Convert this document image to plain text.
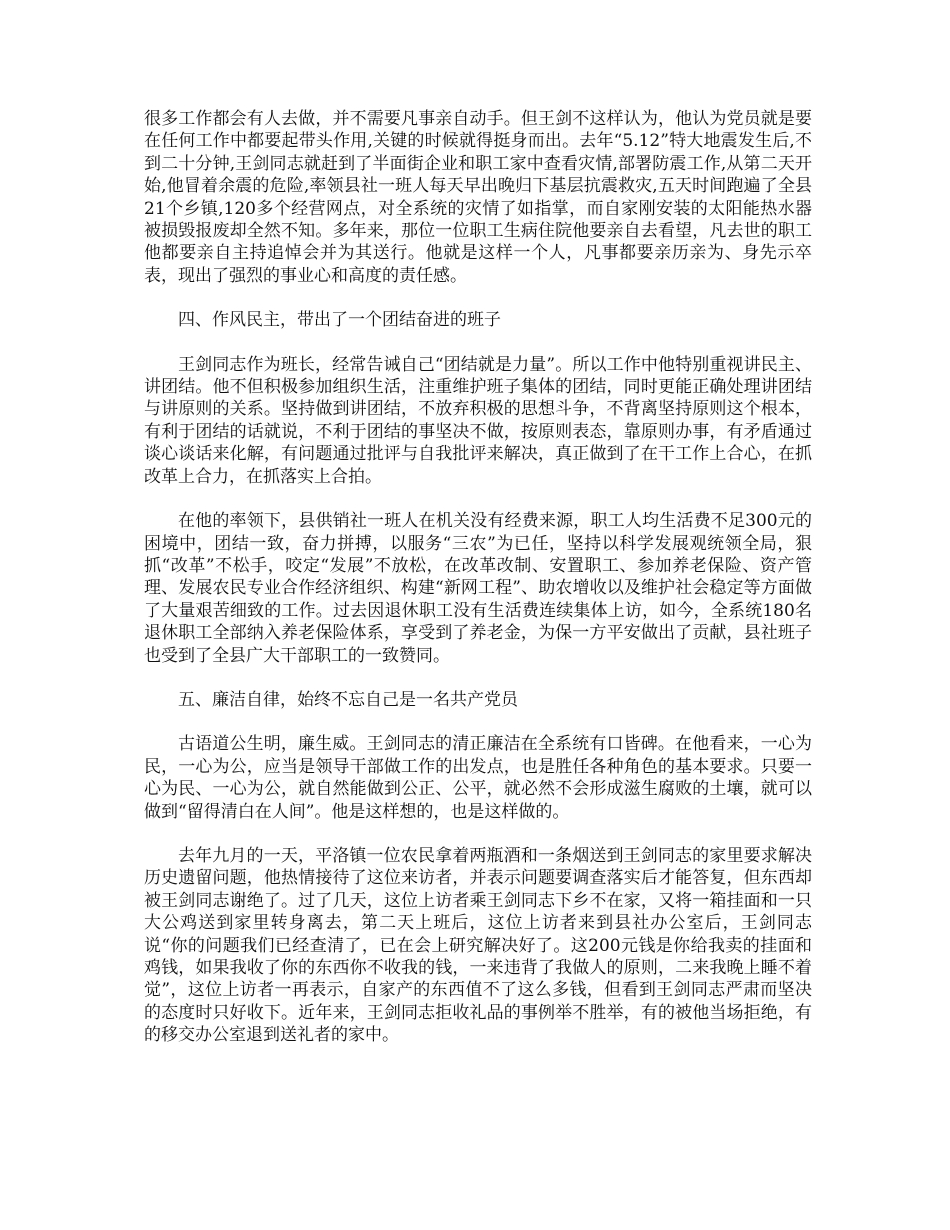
很多工作都会有人去做，并不需要凡事亲自动手。但王剑不这样认为，他认为党员就是要在任何工作中都要起带头作用,关键的时候就得挺身而出。去年“5.12”特大地震发生后,不到二十分钟,王剑同志就赶到了半面街企业和职工家中查看灾情,部署防震工作,从第二天开始,他冒着余震的危险,率领县社一班人每天早出晚归下基层抗震救灾,五天时间跑遍了全县21个乡镇,120多个经营网点，对全系统的灾情了如指掌，而自家刚安装的太阳能热水器被损毁报废却全然不知。多年来，那位一位职工生病住院他要亲自去看望，凡去世的职工他都要亲自主持追悼会并为其送行。他就是这样一个人，凡事都要亲历亲为、身先示卒表，现出了强烈的事业心和高度的责任感。

四、作风民主，带出了一个团结奋进的班子

王剑同志作为班长，经常告诫自己“团结就是力量”。所以工作中他特别重视讲民主、讲团结。他不但积极参加组织生活，注重维护班子集体的团结，同时更能正确处理讲团结与讲原则的关系。坚持做到讲团结，不放弃积极的思想斗争，不背离坚持原则这个根本，有利于团结的话就说，不利于团结的事坚决不做，按原则表态，靠原则办事，有矛盾通过谈心谈话来化解，有问题通过批评与自我批评来解决，真正做到了在干工作上合心，在抓改革上合力，在抓落实上合拍。

在他的率领下，县供销社一班人在机关没有经费来源，职工人均生活费不足300元的困境中，团结一致，奋力拼搏，以服务“三农”为已任，坚持以科学发展观统领全局，狠抓“改革”不松手，咬定“发展”不放松，在改革改制、安置职工、参加养老保险、资产管理、发展农民专业合作经济组织、构建“新网工程”、助农增收以及维护社会稳定等方面做了大量艰苦细致的工作。过去因退休职工没有生活费连续集体上访，如今，全系统180名退休职工全部纳入养老保险体系，享受到了养老金，为保一方平安做出了贡献，县社班子也受到了全县广大干部职工的一致赞同。

五、廉洁自律，始终不忘自己是一名共产党员

古语道公生明，廉生威。王剑同志的清正廉洁在全系统有口皆碑。在他看来，一心为民，一心为公，应当是领导干部做工作的出发点，也是胜任各种角色的基本要求。只要一心为民、一心为公，就自然能做到公正、公平，就必然不会形成滋生腐败的土壤，就可以做到“留得清白在人间”。他是这样想的，也是这样做的。

去年九月的一天，平洛镇一位农民拿着两瓶酒和一条烟送到王剑同志的家里要求解决历史遗留问题，他热情接待了这位来访者，并表示问题要调查落实后才能答复，但东西却被王剑同志谢绝了。过了几天，这位上访者乘王剑同志下乡不在家，又将一箱挂面和一只大公鸡送到家里转身离去，第二天上班后，这位上访者来到县社办公室后，王剑同志说“你的问题我们已经查清了，已在会上研究解决好了。这200元钱是你给我卖的挂面和鸡钱，如果我收了你的东西你不收我的钱，一来违背了我做人的原则，二来我晚上睡不着觉”，这位上访者一再表示，自家产的东西值不了这么多钱，但看到王剑同志严肃而坚决的态度时只好收下。近年来，王剑同志拒收礼品的事例举不胜举，有的被他当场拒绝，有的移交办公室退到送礼者的家中。
